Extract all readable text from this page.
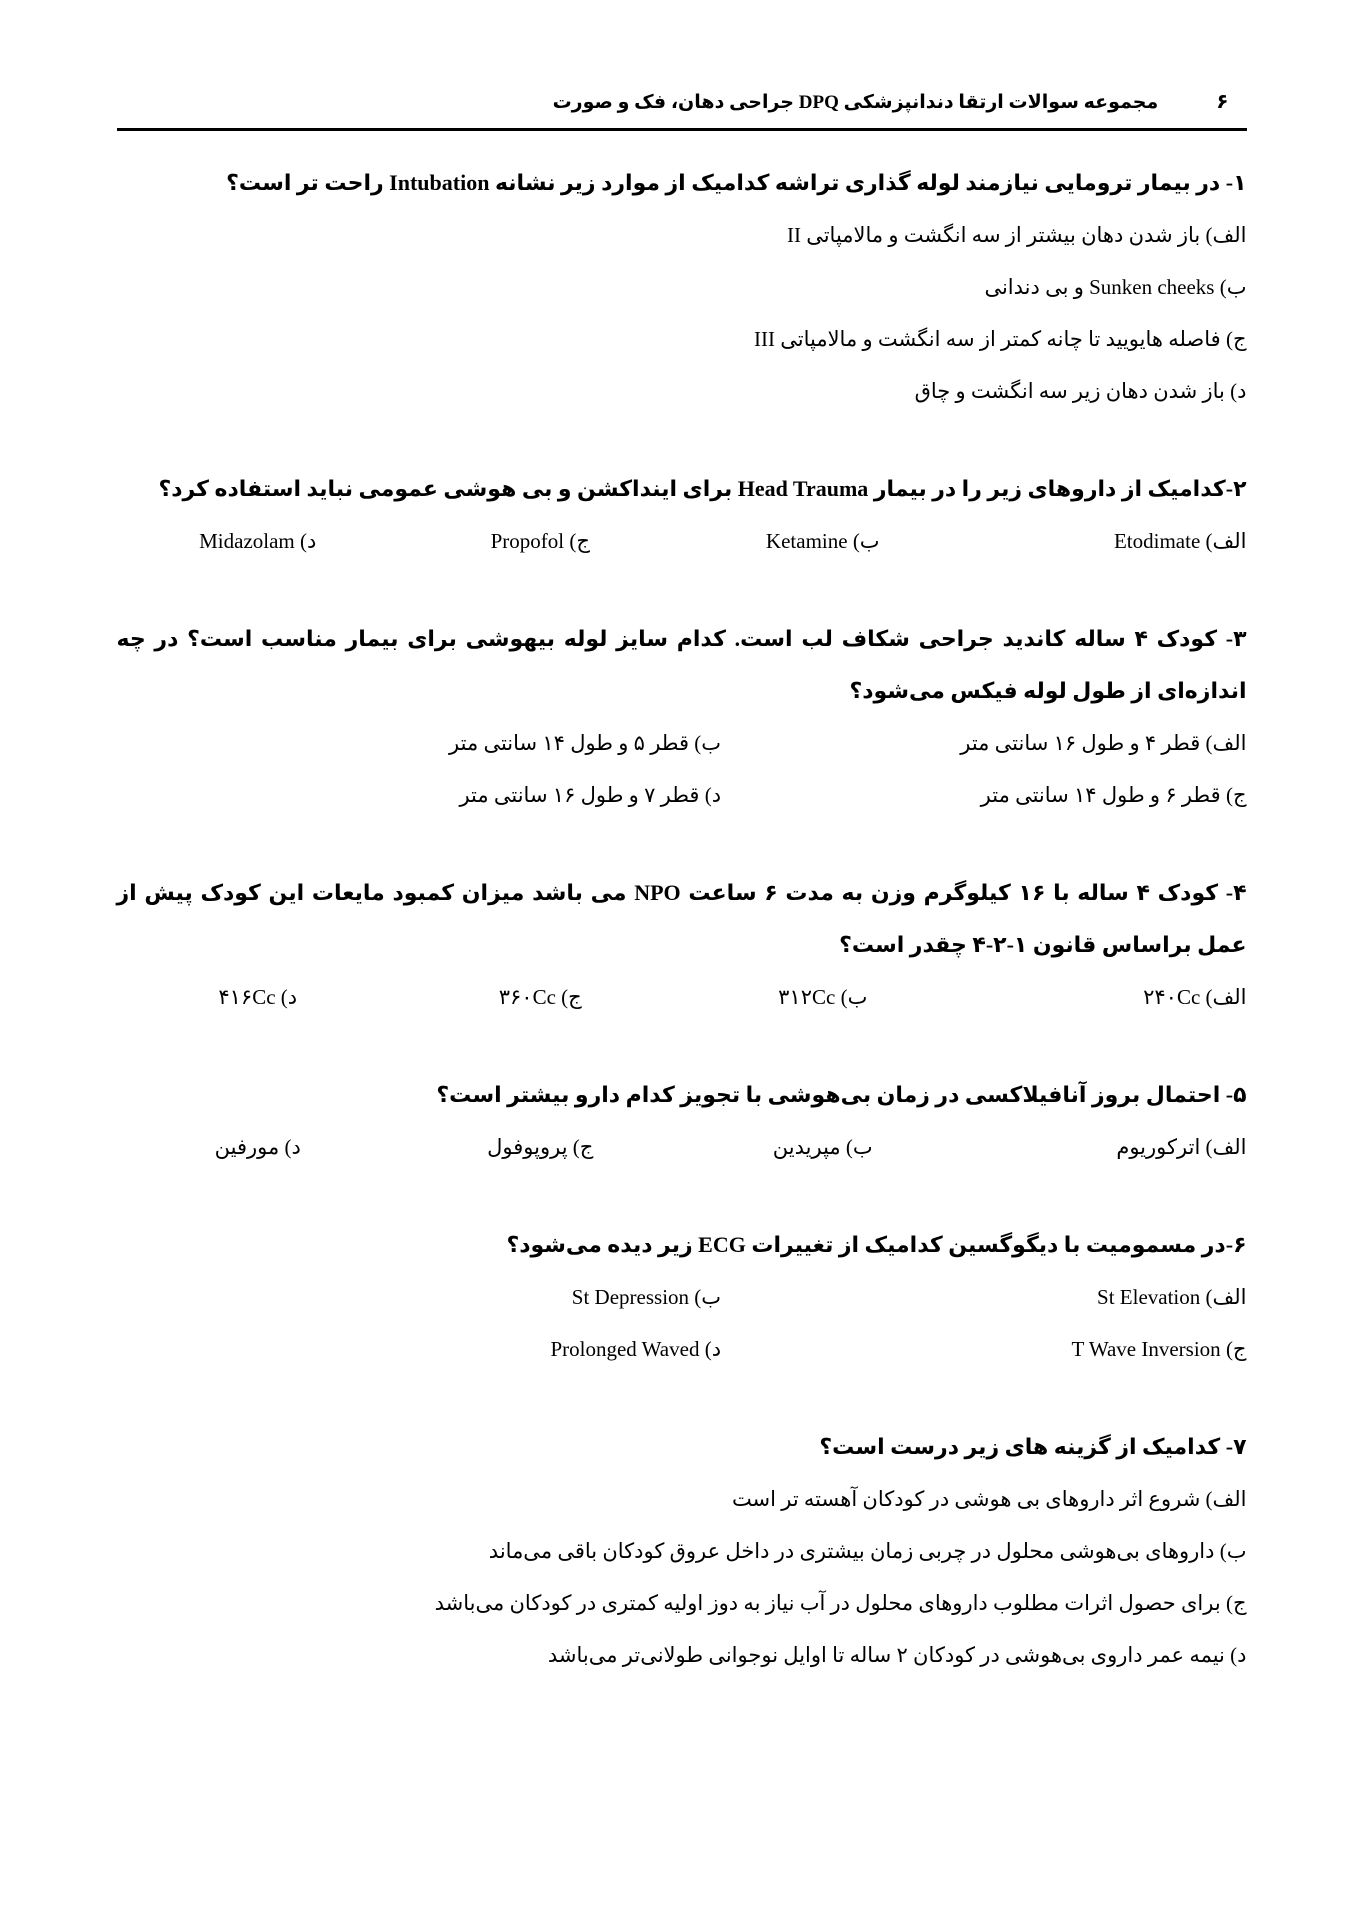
۶
مجموعه سوالات ارتقا دندانپزشکی DPQ جراحی دهان، فک و صورت

۱- در بیمار ترومایی نیازمند لوله گذاری تراشه کدامیک از موارد زیر نشانه Intubation راحت تر است؟

الف) باز شدن دهان بیشتر از سه انگشت و مالامپاتی II

ب) Sunken cheeks و بی دندانی

ج) فاصله هایویید تا چانه کمتر از سه انگشت و مالامپاتی III

د) باز شدن دهان زیر سه انگشت و چاق

۲-کدامیک از داروهای زیر را در بیمار Head Trauma برای اینداکشن و بی هوشی عمومی نباید استفاده کرد؟

الف) Etodimate

ب) Ketamine

ج) Propofol

د) Midazolam

۳- کودک ۴ ساله کاندید جراحی شکاف لب است. کدام سایز لوله بیهوشی برای بیمار مناسب است؟ در چه اندازه‌ای از طول لوله فیکس می‌شود؟

الف) قطر ۴ و طول ۱۶ سانتی متر

ب) قطر ۵ و طول ۱۴ سانتی متر

ج) قطر ۶ و طول ۱۴ سانتی متر

د) قطر ۷ و طول ۱۶ سانتی متر

۴- کودک ۴ ساله با ۱۶ کیلوگرم وزن به مدت ۶ ساعت NPO می باشد میزان کمبود مایعات این کودک پیش از عمل براساس قانون ۱-۲-۴ چقدر است؟

الف) ۲۴۰Cc

ب) ۳۱۲Cc

ج) ۳۶۰Cc

د) ۴۱۶Cc

۵- احتمال بروز آنافیلاکسی در زمان بی‌هوشی با تجویز کدام دارو بیشتر است؟

الف) اترکوریوم

ب) مپریدین

ج) پروپوفول

د) مورفین

۶-در مسمومیت با دیگوگسین کدامیک از تغییرات ECG زیر دیده می‌شود؟

الف) St Elevation

ب) St Depression

ج) T Wave Inversion

د) Prolonged Waved

۷- کدامیک از گزینه های زیر درست است؟

الف) شروع اثر داروهای بی هوشی در کودکان آهسته تر است

ب) داروهای بی‌هوشی محلول در چربی زمان بیشتری در داخل عروق کودکان باقی می‌ماند

ج) برای حصول اثرات مطلوب داروهای محلول در آب نیاز به دوز اولیه کمتری در کودکان می‌باشد

د) نیمه عمر داروی بی‌هوشی در کودکان ۲ ساله تا اوایل نوجوانی طولانی‌تر می‌باشد
